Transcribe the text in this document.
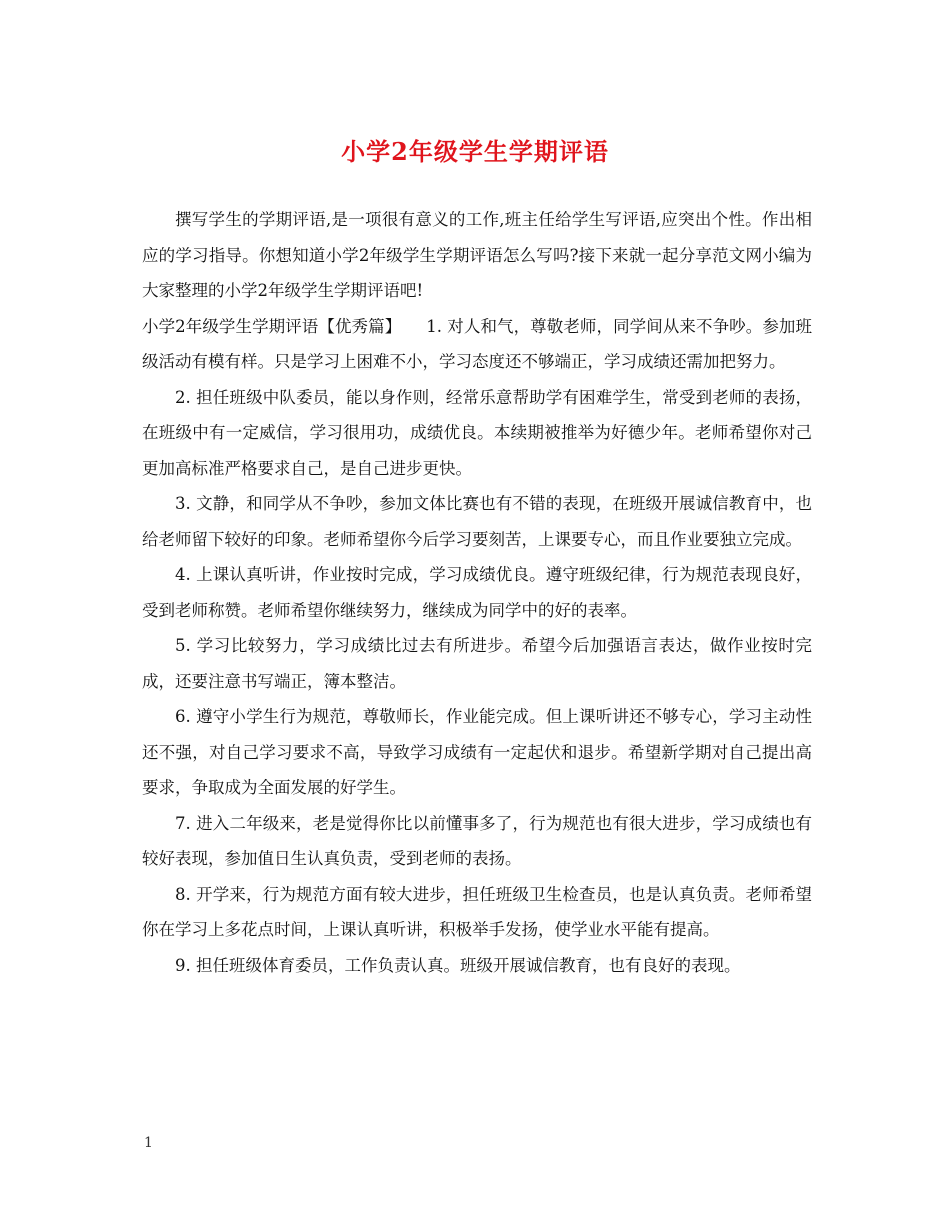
小学2年级学生学期评语

撰写学生的学期评语,是一项很有意义的工作,班主任给学生写评语,应突出个性。作出相应的学习指导。你想知道小学2年级学生学期评语怎么写吗?接下来就一起分享范文网小编为大家整理的小学2年级学生学期评语吧!

小学2年级学生学期评语【优秀篇】　　1. 对人和气，尊敬老师，同学间从来不争吵。参加班级活动有模有样。只是学习上困难不小，学习态度还不够端正，学习成绩还需加把努力。

2. 担任班级中队委员，能以身作则，经常乐意帮助学有困难学生，常受到老师的表扬，在班级中有一定威信，学习很用功，成绩优良。本续期被推举为好德少年。老师希望你对己更加高标准严格要求自己，是自己进步更快。

3. 文静，和同学从不争吵，参加文体比赛也有不错的表现，在班级开展诚信教育中，也给老师留下较好的印象。老师希望你今后学习要刻苦，上课要专心，而且作业要独立完成。

4. 上课认真听讲，作业按时完成，学习成绩优良。遵守班级纪律，行为规范表现良好，受到老师称赞。老师希望你继续努力，继续成为同学中的好的表率。

5. 学习比较努力，学习成绩比过去有所进步。希望今后加强语言表达，做作业按时完成，还要注意书写端正，簿本整洁。

6. 遵守小学生行为规范，尊敬师长，作业能完成。但上课听讲还不够专心，学习主动性还不强，对自己学习要求不高，导致学习成绩有一定起伏和退步。希望新学期对自己提出高要求，争取成为全面发展的好学生。

7. 进入二年级来，老是觉得你比以前懂事多了，行为规范也有很大进步，学习成绩也有较好表现，参加值日生认真负责，受到老师的表扬。

8. 开学来，行为规范方面有较大进步，担任班级卫生检查员，也是认真负责。老师希望你在学习上多花点时间，上课认真听讲，积极举手发扬，使学业水平能有提高。

9. 担任班级体育委员，工作负责认真。班级开展诚信教育，也有良好的表现。

1
